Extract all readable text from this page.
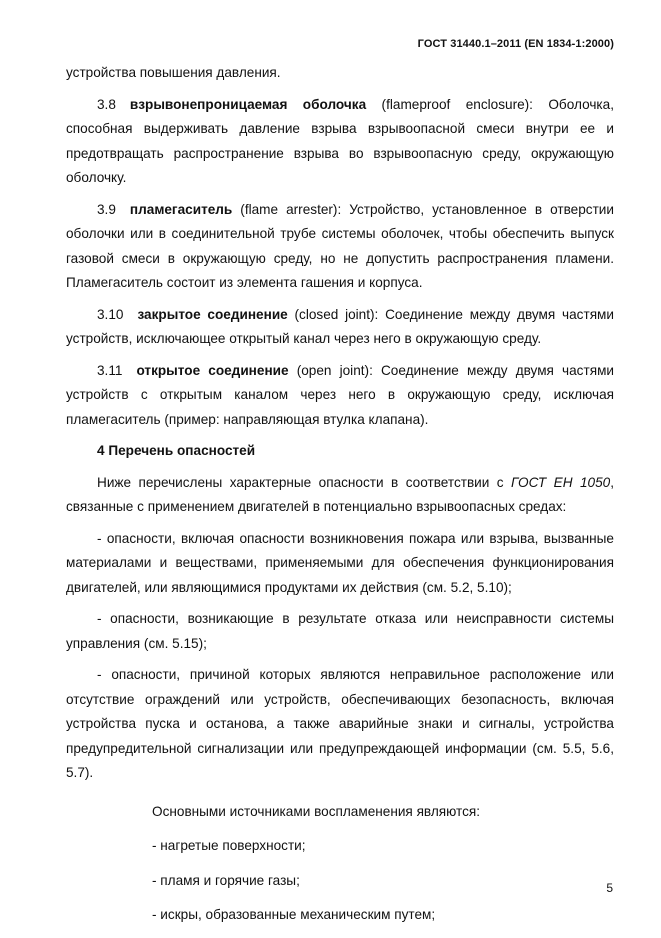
ГОСТ 31440.1–2011 (EN 1834-1:2000)

устройства повышения давления.

3.8 взрывонепроницаемая оболочка (flameproof enclosure): Оболочка, способная выдерживать давление взрыва взрывоопасной смеси внутри ее и предотвращать распространение взрыва во взрывоопасную среду, окружающую оболочку.

3.9 пламегаситель (flame arrester): Устройство, установленное в отверстии оболочки или в соединительной трубе системы оболочек, чтобы обеспечить выпуск газовой смеси в окружающую среду, но не допустить распространения пламени. Пламегаситель состоит из элемента гашения и корпуса.

3.10 закрытое соединение (closed joint): Соединение между двумя частями устройств, исключающее открытый канал через него в окружающую среду.

3.11 открытое соединение (open joint): Соединение между двумя частями устройств с открытым каналом через него в окружающую среду, исключая пламегаситель (пример: направляющая втулка клапана).

4 Перечень опасностей

Ниже перечислены характерные опасности в соответствии с ГОСТ ЕН 1050, связанные с применением двигателей в потенциально взрывоопасных средах:

- опасности, включая опасности возникновения пожара или взрыва, вызванные материалами и веществами, применяемыми для обеспечения функционирования двигателей, или являющимися продуктами их действия (см. 5.2, 5.10);

- опасности, возникающие в результате отказа или неисправности системы управления (см. 5.15);

- опасности, причиной которых являются неправильное расположение или отсутствие ограждений или устройств, обеспечивающих безопасность, включая устройства пуска и останова, а также аварийные знаки и сигналы, устройства предупредительной сигнализации или предупреждающей информации (см. 5.5, 5.6, 5.7).

Основными источниками воспламенения являются:

- нагретые поверхности;

- пламя и горячие газы;

- искры, образованные механическим путем;

5
